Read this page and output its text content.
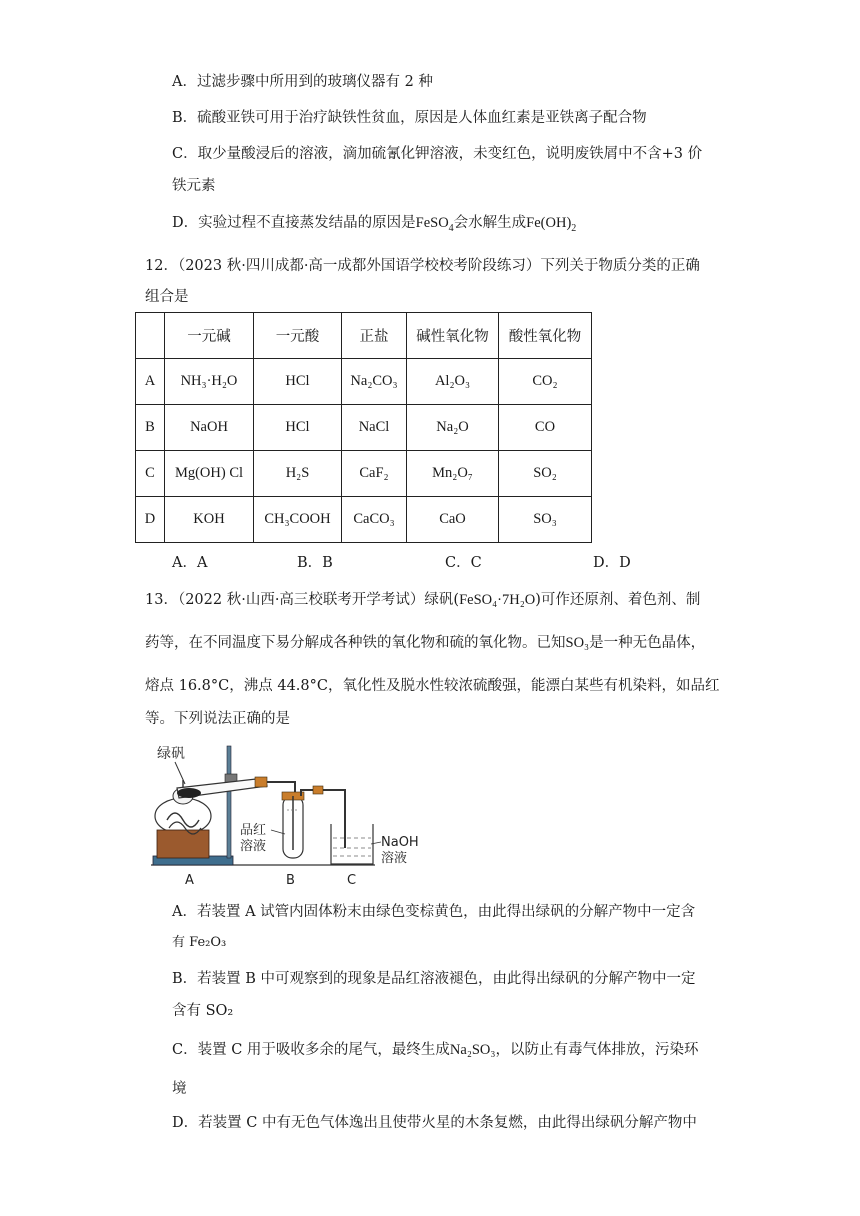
A．过滤步骤中所用到的玻璃仪器有 2 种
B．硫酸亚铁可用于治疗缺铁性贫血，原因是人体血红素是亚铁离子配合物
C．取少量酸浸后的溶液，滴加硫氰化钾溶液，未变红色，说明废铁屑中不含+3 价
铁元素
D．实验过程不直接蒸发结晶的原因是FeSO$_4$会水解生成$Fe(OH)_2$
12．（2023 秋·四川成都·高一成都外国语学校校考阶段练习）下列关于物质分类的正确
组合是
	一元碱	一元酸	正盐	碱性氧化物	酸性氧化物
A	NH₃·H₂O	HCl	Na₂CO₃	Al₂O₃	CO₂
B	NaOH	HCl	NaCl	Na₂O	CO
C	Mg(OH) Cl	H₂S	CaF₂	Mn₂O₇	SO₂
D	KOH	CH₃COOH	CaCO₃	CaO	SO₃
A．A	B．B	C．C	D．D
13．（2022 秋·山西·高三校联考开学考试）绿矾(FeSO₄·7H₂O)可作还原剂、着色剂、制
药等，在不同温度下易分解成各种铁的氧化物和硫的氧化物。已知SO₃是一种无色晶体，
熔点 16.8°C，沸点 44.8°C，氧化性及脱水性较浓硫酸强，能漂白某些有机染料，如品红
等。下列说法正确的是
绿矾
品红
溶液	NaOH
溶液
A	B	C
A．若装置 A 试管内固体粉末由绿色变棕黄色，由此得出绿矾的分解产物中一定含
有 Fe₂O₃
B．若装置 B 中可观察到的现象是品红溶液褪色，由此得出绿矾的分解产物中一定
含有 SO₂
C．装置 C 用于吸收多余的尾气，最终生成Na₂SO₃，以防止有毒气体排放，污染环
境
D．若装置 C 中有无色气体逸出且使带火星的木条复燃，由此得出绿矾分解产物中
